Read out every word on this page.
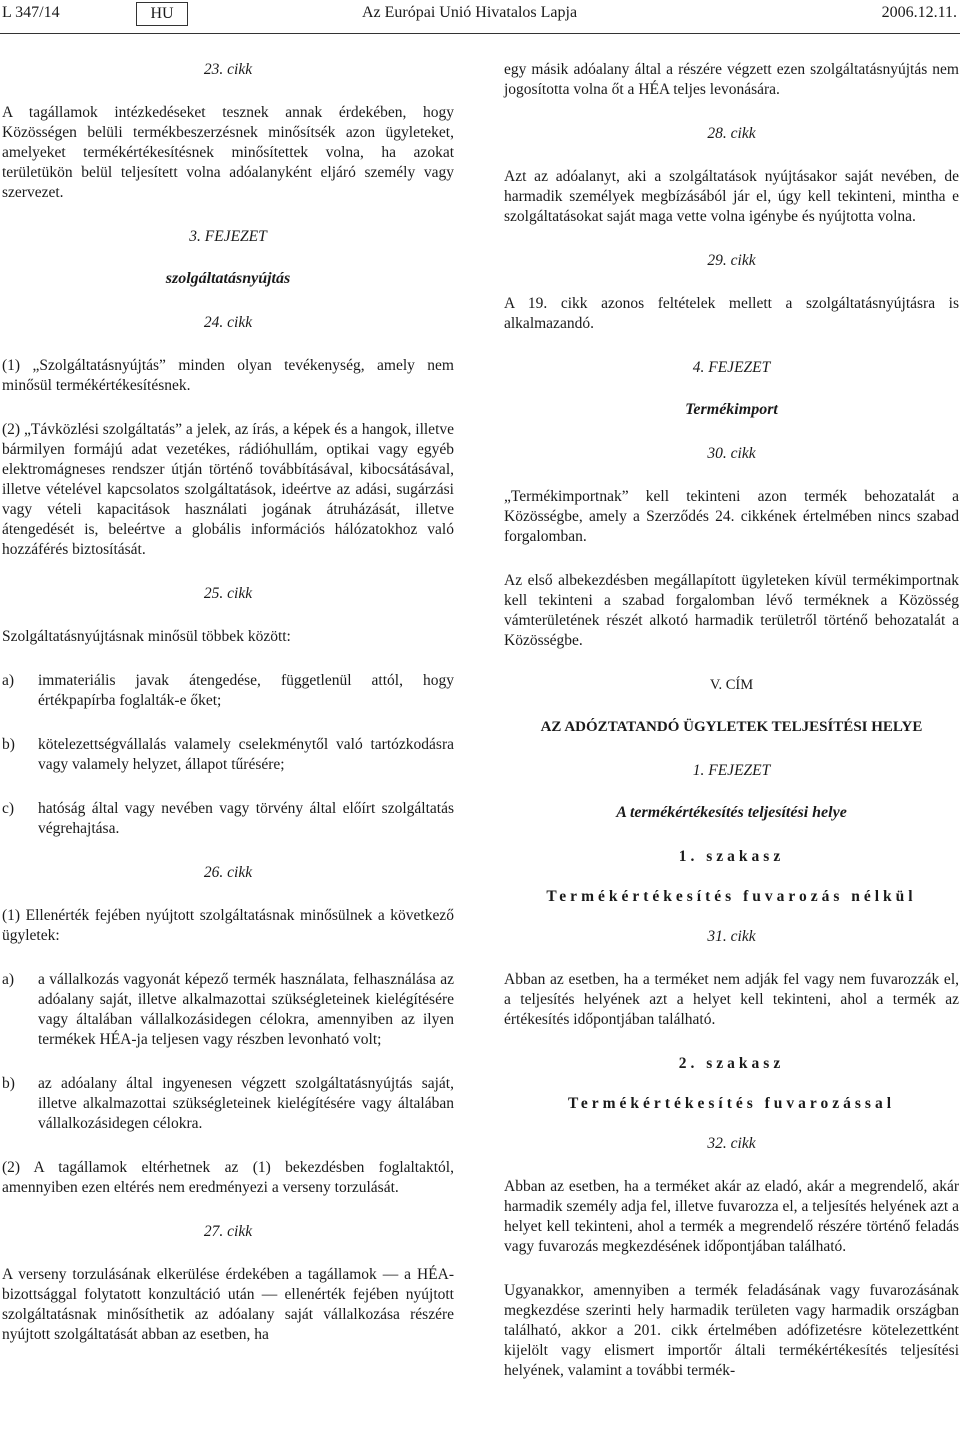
L 347/14	HU	Az Európai Unió Hivatalos Lapja	2006.12.11.
23. cikk

A tagállamok intézkedéseket tesznek annak érdekében, hogy Közösségen belüli termékbeszerzésnek minősítsék azon ügyleteket, amelyeket termékértékesítésnek minősítettek volna, ha azokat területükön belül teljesített volna adóalanyként eljáró személy vagy szervezet.

3. FEJEZET
szolgáltatásnyújtás
24. cikk

(1) „Szolgáltatásnyújtás” minden olyan tevékenység, amely nem minősül termékértékesítésnek.

(2) „Távközlési szolgáltatás” a jelek, az írás, a képek és a hangok, illetve bármilyen formájú adat vezetékes, rádióhullám, optikai vagy egyéb elektromágneses rendszer útján történő továbbításával, kibocsátásával, illetve vételével kapcsolatos szolgáltatások, ideértve az adási, sugárzási vagy vételi kapacitások használati jogának átruházását, illetve átengedését is, beleértve a globális információs hálózatokhoz való hozzáférés biztosítását.

25. cikk

Szolgáltatásnyújtásnak minősül többek között:

a) immateriális javak átengedése, függetlenül attól, hogy értékpapírba foglalták-e őket;
b) kötelezettségvállalás valamely cselekménytől való tartózkodásra vagy valamely helyzet, állapot tűrésére;
c) hatóság által vagy nevében vagy törvény által előírt szolgáltatás végrehajtása.
26. cikk

(1) Ellenérték fejében nyújtott szolgáltatásnak minősülnek a következő ügyletek:

a) a vállalkozás vagyonát képező termék használata, felhasználása az adóalany saját, illetve alkalmazottai szükségleteinek kielégítésére vagy általában vállalkozásidegen célokra, amennyiben az ilyen termékek HÉA-ja teljesen vagy részben levonható volt;
b) az adóalany által ingyenesen végzett szolgáltatásnyújtás saját, illetve alkalmazottai szükségleteinek kielégítésére vagy általában vállalkozásidegen célokra.

(2) A tagállamok eltérhetnek az (1) bekezdésben foglaltaktól, amennyiben ezen eltérés nem eredményezi a verseny torzulását.

27. cikk

A verseny torzulásának elkerülése érdekében a tagállamok — a HÉA-bizottsággal folytatott konzultáció után — ellenérték fejében nyújtott szolgáltatásnak minősíthetik az adóalany saját vállalkozása részére nyújtott szolgáltatását abban az esetben, ha

egy másik adóalany által a részére végzett ezen szolgáltatásnyújtás nem jogosította volna őt a HÉA teljes levonására.

28. cikk

Azt az adóalanyt, aki a szolgáltatások nyújtásakor saját nevében, de harmadik személyek megbízásából jár el, úgy kell tekinteni, mintha e szolgáltatásokat saját maga vette volna igénybe és nyújtotta volna.

29. cikk

A 19. cikk azonos feltételek mellett a szolgáltatásnyújtásra is alkalmazandó.

4. FEJEZET
Termékimport
30. cikk

„Termékimportnak” kell tekinteni azon termék behozatalát a Közösségbe, amely a Szerződés 24. cikkének értelmében nincs szabad forgalomban.

Az első albekezdésben megállapított ügyleteken kívül termékimportnak kell tekinteni a szabad forgalomban lévő terméknek a Közösség vámterületének részét alkotó harmadik területről történő behozatalát a Közösségbe.

V. CÍM
AZ ADÓZTATANDÓ ÜGYLETEK TELJESÍTÉSI HELYE
1. FEJEZET
A termékértékesítés teljesítési helye
1. szakasz
Termékértékesítés fuvarozás nélkül
31. cikk

Abban az esetben, ha a terméket nem adják fel vagy nem fuvarozzák el, a teljesítés helyének azt a helyet kell tekinteni, ahol a termék az értékesítés időpontjában található.

2. szakasz
Termékértékesítés fuvarozással
32. cikk

Abban az esetben, ha a terméket akár az eladó, akár a megrendelő, akár harmadik személy adja fel, illetve fuvarozza el, a teljesítés helyének azt a helyet kell tekinteni, ahol a termék a megrendelő részére történő feladás vagy fuvarozás megkezdésének időpontjában található.

Ugyanakkor, amennyiben a termék feladásának vagy fuvarozásának megkezdése szerinti hely harmadik területen vagy harmadik országban található, akkor a 201. cikk értelmében adófizetésre kötelezettként kijelölt vagy elismert importőr általi termékértékesítés teljesítési helyének, valamint a további termék-
